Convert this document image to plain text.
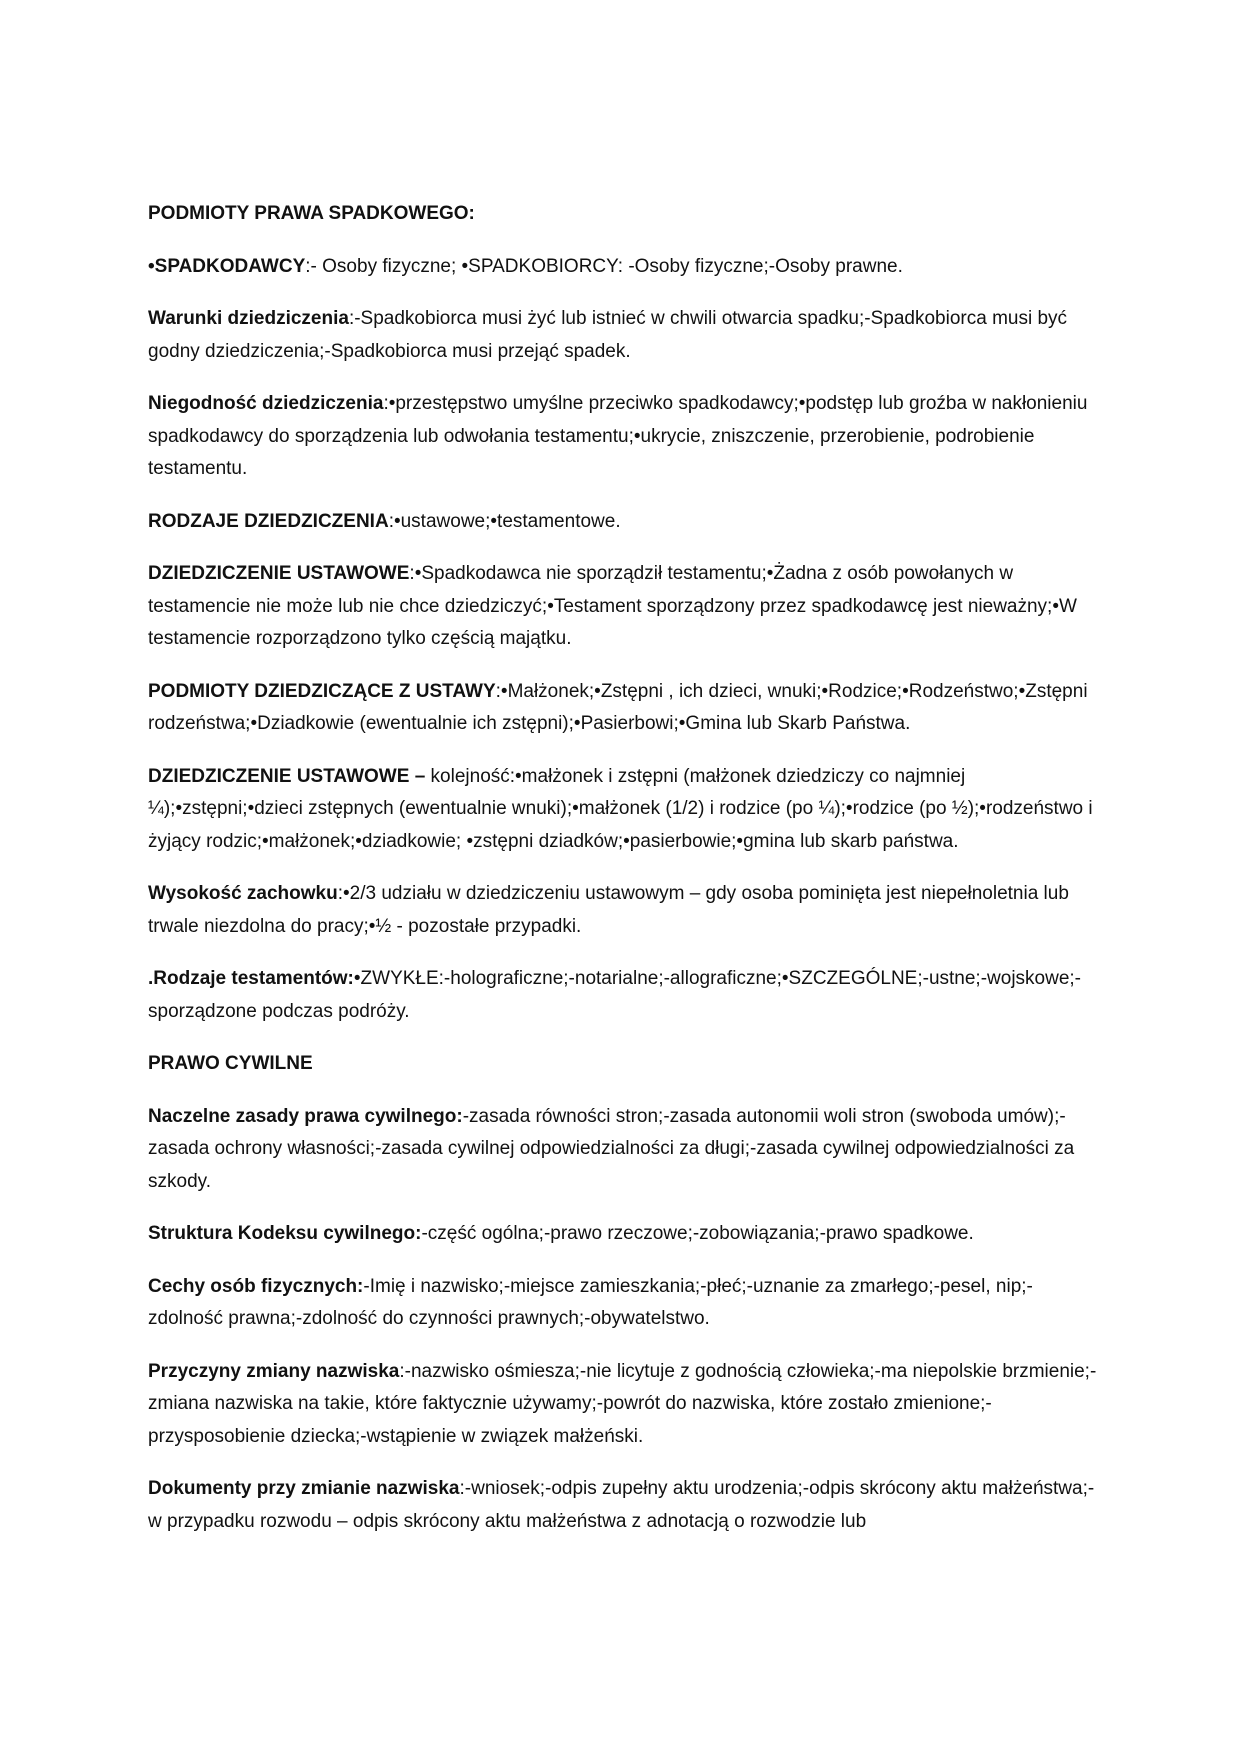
PODMIOTY PRAWA SPADKOWEGO:

•SPADKODAWCY:- Osoby fizyczne; •SPADKOBIORCY: -Osoby fizyczne;-Osoby prawne.

Warunki dziedziczenia:-Spadkobiorca musi żyć lub istnieć w chwili otwarcia spadku;-Spadkobiorca musi być godny dziedziczenia;-Spadkobiorca musi przejąć spadek.

Niegodność dziedziczenia:•przestępstwo umyślne przeciwko spadkodawcy;•podstęp lub groźba w nakłonieniu spadkodawcy do sporządzenia lub odwołania testamentu;•ukrycie, zniszczenie, przerobienie, podrobienie testamentu.

RODZAJE DZIEDZICZENIA:•ustawowe;•testamentowe.

DZIEDZICZENIE USTAWOWE:•Spadkodawca nie sporządził testamentu;•Żadna z osób powołanych w testamencie nie może lub nie chce dziedziczyć;•Testament sporządzony przez spadkodawcę jest nieważny;•W testamencie rozporządzono tylko częścią majątku.

PODMIOTY DZIEDZICZĄCE Z USTAWY:•Małżonek;•Zstępni , ich dzieci, wnuki;•Rodzice;•Rodzeństwo;•Zstępni rodzeństwa;•Dziadkowie (ewentualnie ich zstępni);•Pasierbowi;•Gmina lub Skarb Państwa.

DZIEDZICZENIE USTAWOWE – kolejność:•małżonek i zstępni (małżonek dziedziczy co najmniej ¼);•zstępni;•dzieci zstępnych (ewentualnie wnuki);•małżonek (1/2) i rodzice (po ¼);•rodzice (po ½);•rodzeństwo i żyjący rodzic;•małżonek;•dziadkowie; •zstępni dziadków;•pasierbowie;•gmina lub skarb państwa.

Wysokość zachowku:•2/3 udziału w dziedziczeniu ustawowym – gdy osoba pominięta jest niepełnoletnia lub trwale niezdolna do pracy;•½ - pozostałe przypadki.

.Rodzaje testamentów:•ZWYKŁE:-holograficzne;-notarialne;-allograficzne;•SZCZEGÓLNE;-ustne;-wojskowe;-sporządzone podczas podróży.

PRAWO CYWILNE

Naczelne zasady prawa cywilnego:-zasada równości stron;-zasada autonomii woli stron (swoboda umów);-zasada ochrony własności;-zasada cywilnej odpowiedzialności za długi;-zasada cywilnej odpowiedzialności za szkody.

Struktura Kodeksu cywilnego:-część ogólna;-prawo rzeczowe;-zobowiązania;-prawo spadkowe.

Cechy osób fizycznych:-Imię i nazwisko;-miejsce zamieszkania;-płeć;-uznanie za zmarłego;-pesel, nip;-zdolność prawna;-zdolność do czynności prawnych;-obywatelstwo.

Przyczyny zmiany nazwiska:-nazwisko ośmiesza;-nie licytuje z godnością człowieka;-ma niepolskie brzmienie;-zmiana nazwiska na takie, które faktycznie używamy;-powrót do nazwiska, które zostało zmienione;-przysposobienie dziecka;-wstąpienie w związek małżeński.

Dokumenty przy zmianie nazwiska:-wniosek;-odpis zupełny aktu urodzenia;-odpis skrócony aktu małżeństwa;-w przypadku rozwodu – odpis skrócony aktu małżeństwa z adnotacją o rozwodzie lub
